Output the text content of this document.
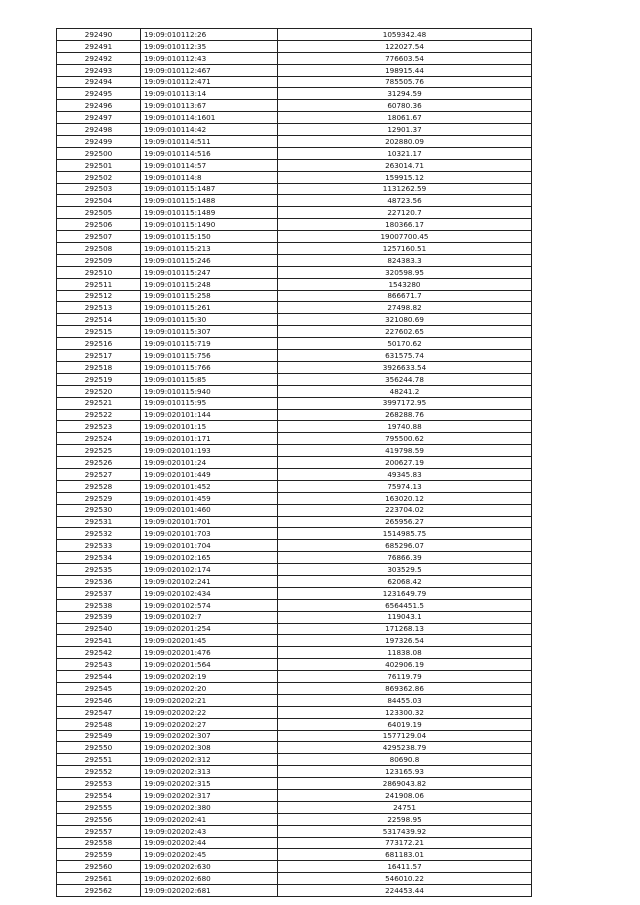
292490	19:09:010112:26	1059342.48
292491	19:09:010112:35	122027.54
292492	19:09:010112:43	776603.54
292493	19:09:010112:467	198915.44
292494	19:09:010112:471	785505.76
292495	19:09:010113:14	31294.59
292496	19:09:010113:67	60780.36
292497	19:09:010114:1601	18061.67
292498	19:09:010114:42	12901.37
292499	19:09:010114:511	202880.09
292500	19:09:010114:516	10321.17
292501	19:09:010114:57	263014.71
292502	19:09:010114:8	159915.12
292503	19:09:010115:1487	1131262.59
292504	19:09:010115:1488	48723.56
292505	19:09:010115:1489	227120.7
292506	19:09:010115:1490	180366.17
292507	19:09:010115:150	19007700.45
292508	19:09:010115:213	1257160.51
292509	19:09:010115:246	824383.3
292510	19:09:010115:247	320598.95
292511	19:09:010115:248	1543280
292512	19:09:010115:258	866671.7
292513	19:09:010115:261	27498.82
292514	19:09:010115:30	321080.69
292515	19:09:010115:307	227602.65
292516	19:09:010115:719	50170.62
292517	19:09:010115:756	631575.74
292518	19:09:010115:766	3926633.54
292519	19:09:010115:85	356244.78
292520	19:09:010115:940	48241.2
292521	19:09:010115:95	3997172.95
292522	19:09:020101:144	268288.76
292523	19:09:020101:15	19740.88
292524	19:09:020101:171	795500.62
292525	19:09:020101:193	419798.59
292526	19:09:020101:24	200627.19
292527	19:09:020101:449	49345.83
292528	19:09:020101:452	75974.13
292529	19:09:020101:459	163020.12
292530	19:09:020101:460	223704.02
292531	19:09:020101:701	265956.27
292532	19:09:020101:703	1514985.75
292533	19:09:020101:704	685296.07
292534	19:09:020102:165	76866.39
292535	19:09:020102:174	303529.5
292536	19:09:020102:241	62068.42
292537	19:09:020102:434	1231649.79
292538	19:09:020102:574	6564451.5
292539	19:09:020102:7	119043.1
292540	19:09:020201:254	171268.13
292541	19:09:020201:45	197326.54
292542	19:09:020201:476	11838.08
292543	19:09:020201:564	402906.19
292544	19:09:020202:19	76119.79
292545	19:09:020202:20	869362.86
292546	19:09:020202:21	84455.03
292547	19:09:020202:22	123300.32
292548	19:09:020202:27	64019.19
292549	19:09:020202:307	1577129.04
292550	19:09:020202:308	4295238.79
292551	19:09:020202:312	80690.8
292552	19:09:020202:313	123165.93
292553	19:09:020202:315	2869043.82
292554	19:09:020202:317	241908.06
292555	19:09:020202:380	24751
292556	19:09:020202:41	22598.95
292557	19:09:020202:43	5317439.92
292558	19:09:020202:44	773172.21
292559	19:09:020202:45	681183.01
292560	19:09:020202:630	16411.57
292561	19:09:020202:680	546010.22
292562	19:09:020202:681	224453.44
